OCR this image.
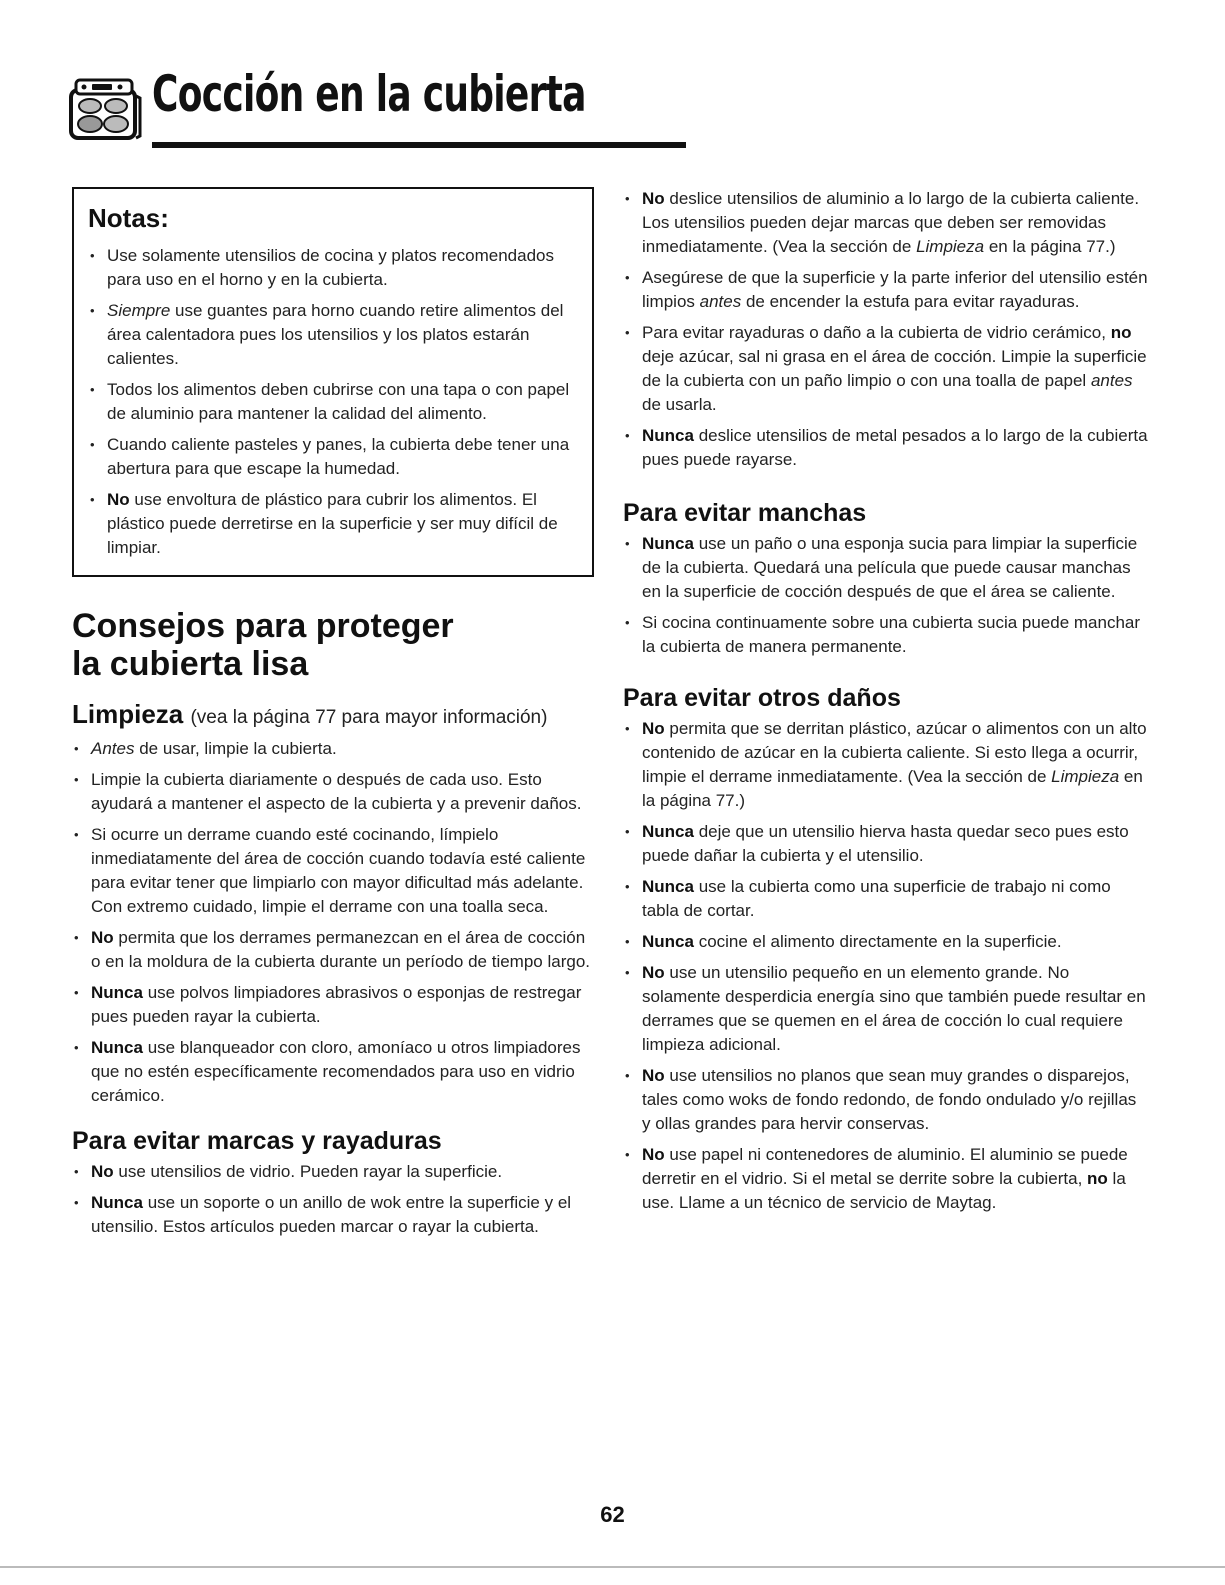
Cocción en la cubierta
Notas:
• Use solamente utensilios de cocina y platos recomendados para uso en el horno y en la cubierta.
• Siempre use guantes para horno cuando retire alimentos del área calentadora pues los utensilios y los platos estarán calientes.
• Todos los alimentos deben cubrirse con una tapa o con papel de aluminio para mantener la calidad del alimento.
• Cuando caliente pasteles y panes, la cubierta debe tener una abertura para que escape la humedad.
• No use envoltura de plástico para cubrir los alimentos. El plástico puede derretirse en la superficie y ser muy difícil de limpiar.
Consejos para proteger
la cubierta lisa
Limpieza (vea la página 77 para mayor información)
• Antes de usar, limpie la cubierta.
• Limpie la cubierta diariamente o después de cada uso. Esto ayudará a mantener el aspecto de la cubierta y a prevenir daños.
• Si ocurre un derrame cuando esté cocinando, límpielo inmediatamente del área de cocción cuando todavía esté caliente para evitar tener que limpiarlo con mayor dificultad más adelante. Con extremo cuidado, limpie el derrame con una toalla seca.
• No permita que los derrames permanezcan en el área de cocción o en la moldura de la cubierta durante un período de tiempo largo.
• Nunca use polvos limpiadores abrasivos o esponjas de restregar pues pueden rayar la cubierta.
• Nunca use blanqueador con cloro, amoníaco u otros limpiadores que no estén específicamente recomendados para uso en vidrio cerámico.
Para evitar marcas y rayaduras
• No use utensilios de vidrio. Pueden rayar la superficie.
• Nunca use un soporte o un anillo de wok entre la superficie y el utensilio. Estos artículos pueden marcar o rayar la cubierta.
• No deslice utensilios de aluminio a lo largo de la cubierta caliente. Los utensilios pueden dejar marcas que deben ser removidas inmediatamente. (Vea la sección de Limpieza en la página 77.)
• Asegúrese de que la superficie y la parte inferior del utensilio estén limpios antes de encender la estufa para evitar rayaduras.
• Para evitar rayaduras o daño a la cubierta de vidrio cerámico, no deje azúcar, sal ni grasa en el área de cocción. Limpie la superficie de la cubierta con un paño limpio o con una toalla de papel antes de usarla.
• Nunca deslice utensilios de metal pesados a lo largo de la cubierta pues puede rayarse.
Para evitar manchas
• Nunca use un paño o una esponja sucia para limpiar la superficie de la cubierta. Quedará una película que puede causar manchas en la superficie de cocción después de que el área se caliente.
• Si cocina continuamente sobre una cubierta sucia puede manchar la cubierta de manera permanente.
Para evitar otros daños
• No permita que se derritan plástico, azúcar o alimentos con un alto contenido de azúcar en la cubierta caliente. Si esto llega a ocurrir, limpie el derrame inmediatamente. (Vea la sección de Limpieza en la página 77.)
• Nunca deje que un utensilio hierva hasta quedar seco pues esto puede dañar la cubierta y el utensilio.
• Nunca use la cubierta como una superficie de trabajo ni como tabla de cortar.
• Nunca cocine el alimento directamente en la superficie.
• No use un utensilio pequeño en un elemento grande. No solamente desperdicia energía sino que también puede resultar en derrames que se quemen en el área de cocción lo cual requiere limpieza adicional.
• No use utensilios no planos que sean muy grandes o disparejos, tales como woks de fondo redondo, de fondo ondulado y/o rejillas y ollas grandes para hervir conservas.
• No use papel ni contenedores de aluminio. El aluminio se puede derretir en el vidrio. Si el metal se derrite sobre la cubierta, no la use. Llame a un técnico de servicio de Maytag.
62
